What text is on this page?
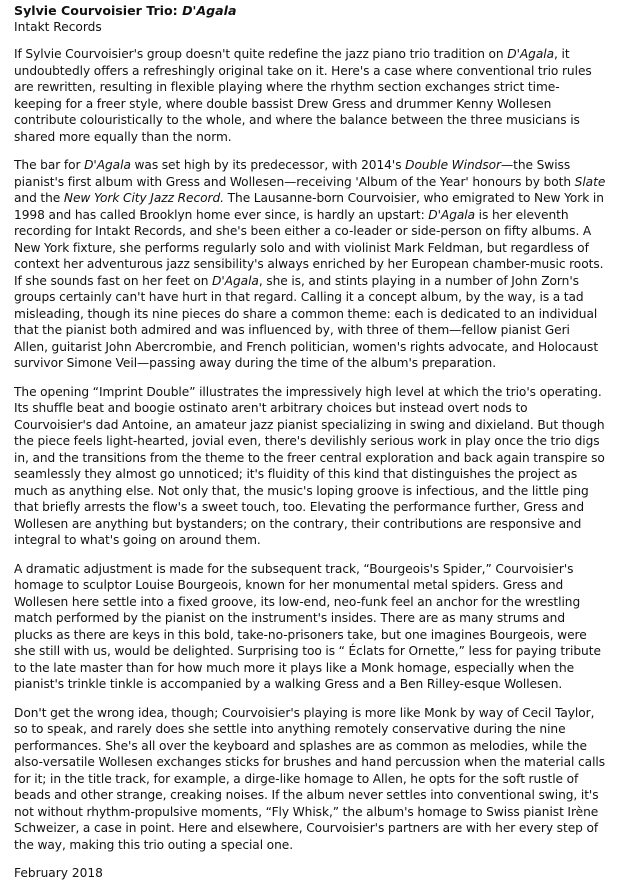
Sylvie Courvoisier Trio: D'Agala
Intakt Records

If Sylvie Courvoisier's group doesn't quite redefine the jazz piano trio tradition on D'Agala, it undoubtedly offers a refreshingly original take on it. Here's a case where conventional trio rules are rewritten, resulting in flexible playing where the rhythm section exchanges strict time-keeping for a freer style, where double bassist Drew Gress and drummer Kenny Wollesen contribute colouristically to the whole, and where the balance between the three musicians is shared more equally than the norm.

The bar for D'Agala was set high by its predecessor, with 2014's Double Windsor—the Swiss pianist's first album with Gress and Wollesen—receiving 'Album of the Year' honours by both Slate and the New York City Jazz Record. The Lausanne-born Courvoisier, who emigrated to New York in 1998 and has called Brooklyn home ever since, is hardly an upstart: D'Agala is her eleventh recording for Intakt Records, and she's been either a co-leader or side-person on fifty albums. A New York fixture, she performs regularly solo and with violinist Mark Feldman, but regardless of context her adventurous jazz sensibility's always enriched by her European chamber-music roots. If she sounds fast on her feet on D'Agala, she is, and stints playing in a number of John Zorn's groups certainly can't have hurt in that regard. Calling it a concept album, by the way, is a tad misleading, though its nine pieces do share a common theme: each is dedicated to an individual that the pianist both admired and was influenced by, with three of them—fellow pianist Geri Allen, guitarist John Abercrombie, and French politician, women's rights advocate, and Holocaust survivor Simone Veil—passing away during the time of the album's preparation.

The opening “Imprint Double” illustrates the impressively high level at which the trio's operating. Its shuffle beat and boogie ostinato aren't arbitrary choices but instead overt nods to Courvoisier's dad Antoine, an amateur jazz pianist specializing in swing and dixieland. But though the piece feels light-hearted, jovial even, there's devilishly serious work in play once the trio digs in, and the transitions from the theme to the freer central exploration and back again transpire so seamlessly they almost go unnoticed; it's fluidity of this kind that distinguishes the project as much as anything else. Not only that, the music's loping groove is infectious, and the little ping that briefly arrests the flow's a sweet touch, too. Elevating the performance further, Gress and Wollesen are anything but bystanders; on the contrary, their contributions are responsive and integral to what's going on around them.

A dramatic adjustment is made for the subsequent track, “Bourgeois's Spider,” Courvoisier's homage to sculptor Louise Bourgeois, known for her monumental metal spiders. Gress and Wollesen here settle into a fixed groove, its low-end, neo-funk feel an anchor for the wrestling match performed by the pianist on the instrument's insides. There are as many strums and plucks as there are keys in this bold, take-no-prisoners take, but one imagines Bourgeois, were she still with us, would be delighted. Surprising too is “ Éclats for Ornette,” less for paying tribute to the late master than for how much more it plays like a Monk homage, especially when the pianist's trinkle tinkle is accompanied by a walking Gress and a Ben Rilley-esque Wollesen.

Don't get the wrong idea, though; Courvoisier's playing is more like Monk by way of Cecil Taylor, so to speak, and rarely does she settle into anything remotely conservative during the nine performances. She's all over the keyboard and splashes are as common as melodies, while the also-versatile Wollesen exchanges sticks for brushes and hand percussion when the material calls for it; in the title track, for example, a dirge-like homage to Allen, he opts for the soft rustle of beads and other strange, creaking noises. If the album never settles into conventional swing, it's not without rhythm-propulsive moments, “Fly Whisk,” the album's homage to Swiss pianist Irène Schweizer, a case in point. Here and elsewhere, Courvoisier's partners are with her every step of the way, making this trio outing a special one.

February 2018
